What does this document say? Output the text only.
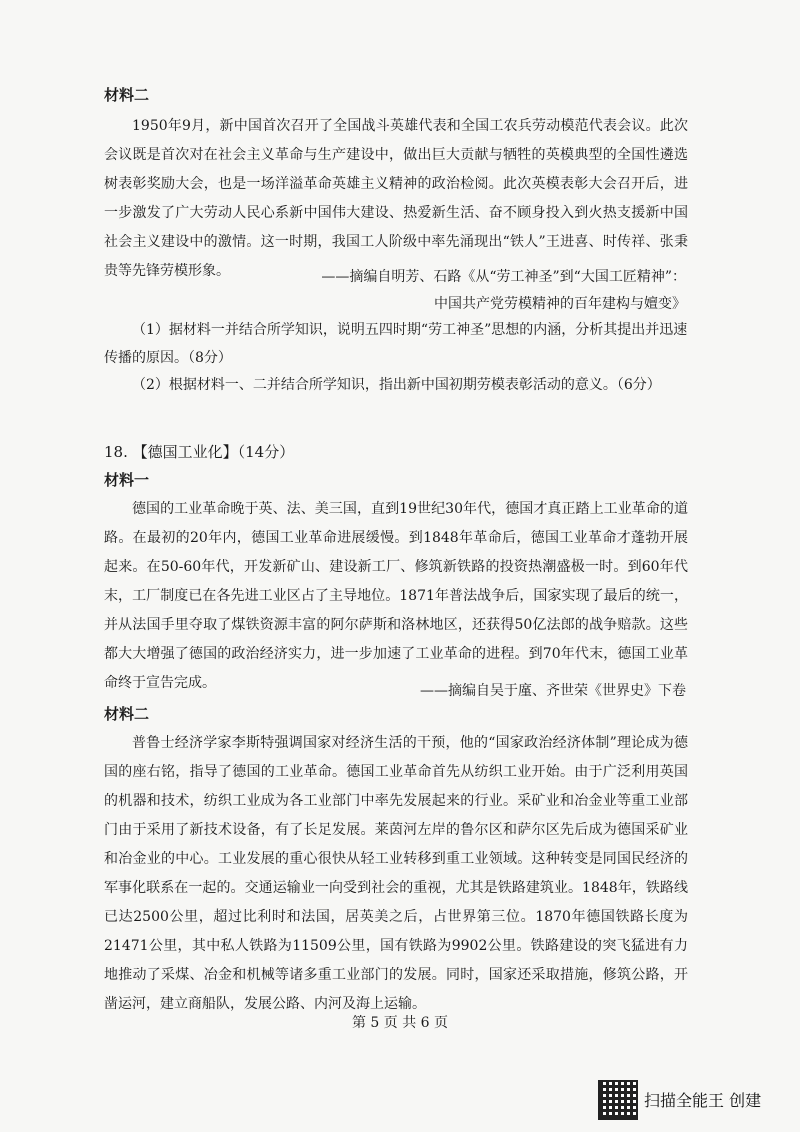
材料二

1950年9月，新中国首次召开了全国战斗英雄代表和全国工农兵劳动模范代表会议。此次会议既是首次对在社会主义革命与生产建设中，做出巨大贡献与牺牲的英模典型的全国性遴选树表彰奖励大会，也是一场洋溢革命英雄主义精神的政治检阅。此次英模表彰大会召开后，进一步激发了广大劳动人民心系新中国伟大建设、热爱新生活、奋不顾身投入到火热支援新中国社会主义建设中的激情。这一时期，我国工人阶级中率先涌现出“铁人”王进喜、时传祥、张秉贵等先锋劳模形象。	——摘编自明芳、石路《从“劳工神圣”到“大国工匠精神”：
中国共产党劳模精神的百年建构与嬗变》

（1）据材料一并结合所学知识，说明五四时期“劳工神圣”思想的内涵，分析其提出并迅速传播的原因。（8分）

（2）根据材料一、二并结合所学知识，指出新中国初期劳模表彰活动的意义。（6分）

18. 【德国工业化】（14分）
材料一

德国的工业革命晚于英、法、美三国，直到19世纪30年代，德国才真正踏上工业革命的道路。在最初的20年内，德国工业革命进展缓慢。到1848年革命后，德国工业革命才蓬勃开展起来。在50-60年代，开发新矿山、建设新工厂、修筑新铁路的投资热潮盛极一时。到60年代末，工厂制度已在各先进工业区占了主导地位。1871年普法战争后，国家实现了最后的统一，并从法国手里夺取了煤铁资源丰富的阿尔萨斯和洛林地区，还获得50亿法郎的战争赔款。这些都大大增强了德国的政治经济实力，进一步加速了工业革命的进程。到70年代末，德国工业革命终于宣告完成。	——摘编自吴于廑、齐世荣《世界史》下卷
材料二

普鲁士经济学家李斯特强调国家对经济生活的干预，他的“国家政治经济体制”理论成为德国的座右铭，指导了德国的工业革命。德国工业革命首先从纺织工业开始。由于广泛利用英国的机器和技术，纺织工业成为各工业部门中率先发展起来的行业。采矿业和冶金业等重工业部门由于采用了新技术设备，有了长足发展。莱茵河左岸的鲁尔区和萨尔区先后成为德国采矿业和冶金业的中心。工业发展的重心很快从轻工业转移到重工业领域。这种转变是同国民经济的军事化联系在一起的。交通运输业一向受到社会的重视，尤其是铁路建筑业。1848年，铁路线已达2500公里，超过比利时和法国，居英美之后，占世界第三位。1870年德国铁路长度为21471公里，其中私人铁路为11509公里，国有铁路为9902公里。铁路建设的突飞猛进有力地推动了采煤、冶金和机械等诸多重工业部门的发展。同时，国家还采取措施，修筑公路，开凿运河，建立商船队，发展公路、内河及海上运输。

第 5 页 共 6 页
扫描全能王 创建
